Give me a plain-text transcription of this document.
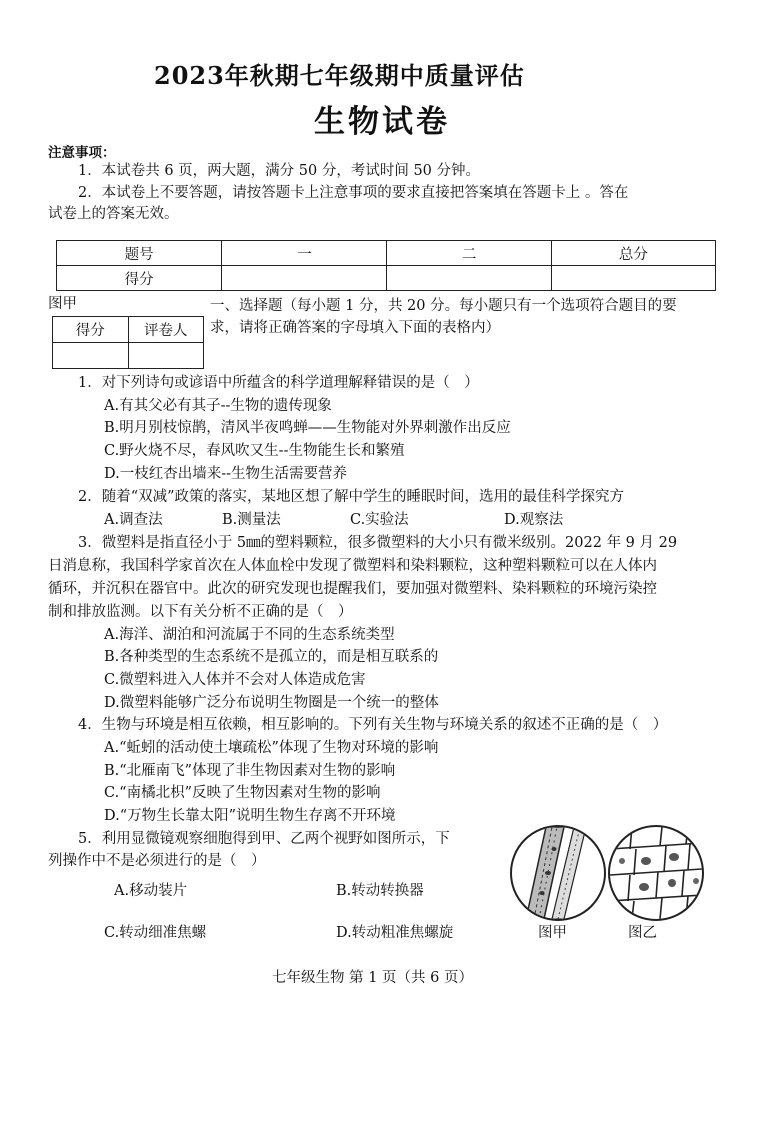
2023年秋期七年级期中质量评估
生物试卷
注意事项：
1．本试卷共 6 页，两大题，满分 50 分，考试时间 50 分钟。
2．本试卷上不要答题，请按答题卡上注意事项的要求直接把答案填在答题卡上 。答在
试卷上的答案无效。
题号	一	二	总分
得分			
图甲
得分	评卷人

一、选择题（每小题 1 分，共 20 分。每小题只有一个选项符合题目的要
求，请将正确答案的字母填入下面的表格内）
1．对下列诗句或谚语中所蕴含的科学道理解释错误的是（　）
A.有其父必有其子--生物的遗传现象
B.明月别枝惊鹊，清风半夜鸣蝉——生物能对外界刺激作出反应
C.野火烧不尽，春风吹又生--生物能生长和繁殖
D.一枝红杏出墙来--生物生活需要营养
2．随着“双减”政策的落实，某地区想了解中学生的睡眠时间，选用的最佳科学探究方
A.调查法	B.测量法	C.实验法	D.观察法
3．微塑料是指直径小于 5㎜的塑料颗粒，很多微塑料的大小只有微米级别。2022 年 9 月 29
日消息称，我国科学家首次在人体血栓中发现了微塑料和染料颗粒，这种塑料颗粒可以在人体内
循环，并沉积在器官中。此次的研究发现也提醒我们，要加强对微塑料、染料颗粒的环境污染控
制和排放监测。以下有关分析不正确的是（　）
A.海洋、湖泊和河流属于不同的生态系统类型
B.各种类型的生态系统不是孤立的，而是相互联系的
C.微塑料进入人体并不会对人体造成危害
D.微塑料能够广泛分布说明生物圈是一个统一的整体
4．生物与环境是相互依赖，相互影响的。下列有关生物与环境关系的叙述不正确的是（　）
A.“蚯蚓的活动使土壤疏松”体现了生物对环境的影响
B.“北雁南飞”体现了非生物因素对生物的影响
C.“南橘北枳”反映了生物因素对生物的影响
D.“万物生长靠太阳”说明生物生存离不开环境
5．利用显微镜观察细胞得到甲、乙两个视野如图所示，下
列操作中不是必须进行的是（　）
A.移动装片	B.转动转换器
C.转动细准焦螺	D.转动粗准焦螺旋	图甲	图乙
七年级生物 第 1 页（共 6 页）
